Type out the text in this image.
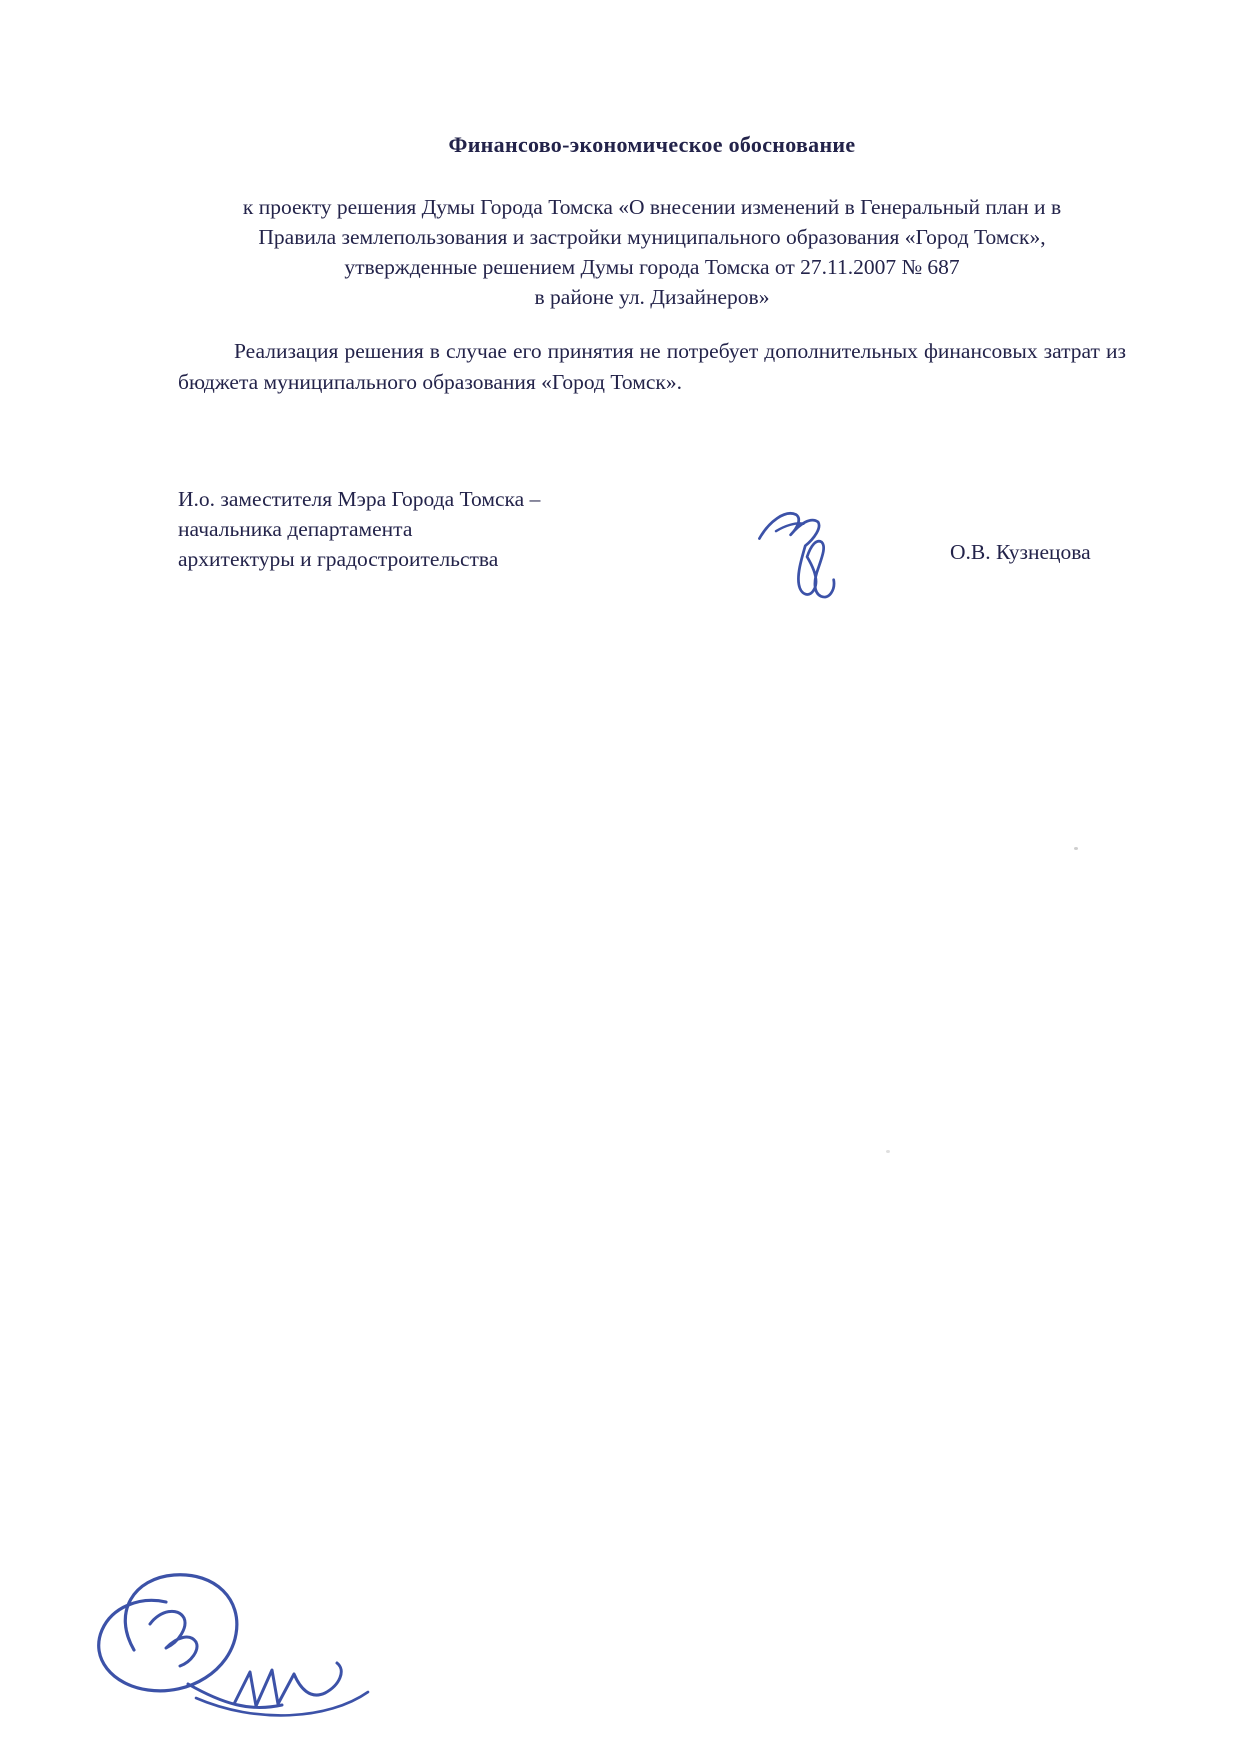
Финансово-экономическое обоснование
к проекту решения Думы Города Томска «О внесении изменений в Генеральный план и в
Правила землепользования и застройки муниципального образования «Город Томск»,
утвержденные решением Думы города Томска от 27.11.2007 № 687
в районе ул. Дизайнеров»
Реализация решения в случае его принятия не потребует дополнительных финансовых затрат из бюджета муниципального образования «Город Томск».
И.о. заместителя Мэра Города Томска –
начальника департамента
архитектуры и градостроительства	О.В. Кузнецова
